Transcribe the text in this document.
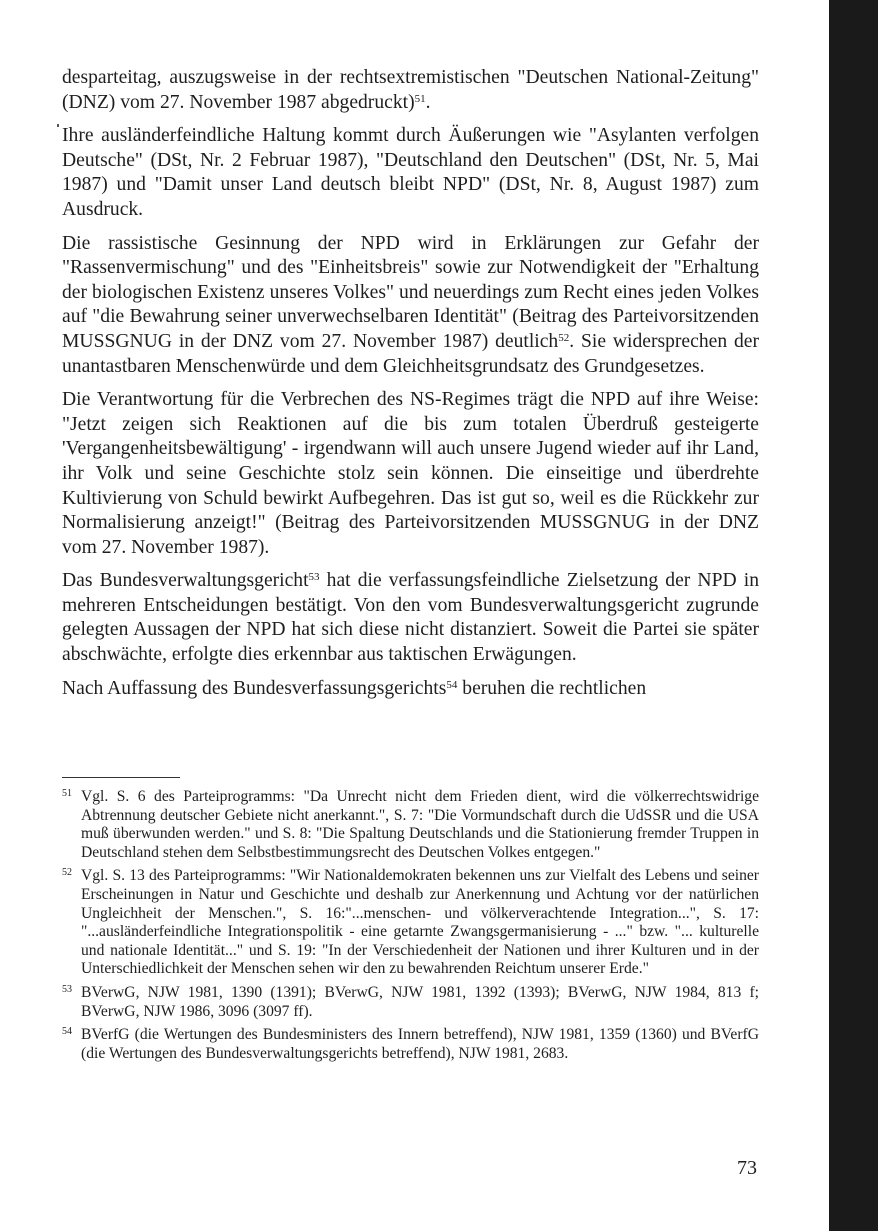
desparteitag, auszugsweise in der rechtsextremistischen "Deutschen National-Zeitung" (DNZ) vom 27. November 1987 abgedruckt)$^{51}$.

Ihre ausländerfeindliche Haltung kommt durch Äußerungen wie "Asylanten verfolgen Deutsche" (DSt, Nr. 2 Februar 1987), "Deutschland den Deutschen" (DSt, Nr. 5, Mai 1987) und "Damit unser Land deutsch bleibt NPD" (DSt, Nr. 8, August 1987) zum Ausdruck.

Die rassistische Gesinnung der NPD wird in Erklärungen zur Gefahr der "Rassenvermischung" und des "Einheitsbreis" sowie zur Notwendigkeit der "Erhaltung der biologischen Existenz unseres Volkes" und neuerdings zum Recht eines jeden Volkes auf "die Bewahrung seiner unverwechselbaren Identität" (Beitrag des Parteivorsitzenden MUSSGNUG in der DNZ vom 27. November 1987) deutlich$^{52}$. Sie widersprechen der unantastbaren Menschenwürde und dem Gleichheitsgrundsatz des Grundgesetzes.

Die Verantwortung für die Verbrechen des NS-Regimes trägt die NPD auf ihre Weise: "Jetzt zeigen sich Reaktionen auf die bis zum totalen Überdruß gesteigerte 'Vergangenheitsbewältigung' - irgendwann will auch unsere Jugend wieder auf ihr Land, ihr Volk und seine Geschichte stolz sein können. Die einseitige und überdrehte Kultivierung von Schuld bewirkt Aufbegehren. Das ist gut so, weil es die Rückkehr zur Normalisierung anzeigt!" (Beitrag des Parteivorsitzenden MUSSGNUG in der DNZ vom 27. November 1987).

Das Bundesverwaltungsgericht$^{53}$ hat die verfassungsfeindliche Zielsetzung der NPD in mehreren Entscheidungen bestätigt. Von den vom Bundesverwaltungsgericht zugrunde gelegten Aussagen der NPD hat sich diese nicht distanziert. Soweit die Partei sie später abschwächte, erfolgte dies erkennbar aus taktischen Erwägungen.

Nach Auffassung des Bundesverfassungsgerichts$^{54}$ beruhen die rechtlichen

51 Vgl. S. 6 des Parteiprogramms: "Da Unrecht nicht dem Frieden dient, wird die völkerrechtswidrige Abtrennung deutscher Gebiete nicht anerkannt.", S. 7: "Die Vormundschaft durch die UdSSR und die USA muß überwunden werden." und S. 8: "Die Spaltung Deutschlands und die Stationierung fremder Truppen in Deutschland stehen dem Selbstbestimmungsrecht des Deutschen Volkes entgegen."
52 Vgl. S. 13 des Parteiprogramms: "Wir Nationaldemokraten bekennen uns zur Vielfalt des Lebens und seiner Erscheinungen in Natur und Geschichte und deshalb zur Anerkennung und Achtung vor der natürlichen Ungleichheit der Menschen.", S. 16:"...menschen- und völkerverachtende Integration...", S. 17: "...ausländerfeindliche Integrationspolitik - eine getarnte Zwangsgermanisierung - ..." bzw. "... kulturelle und nationale Identität..." und S. 19: "In der Verschiedenheit der Nationen und ihrer Kulturen und in der Unterschiedlichkeit der Menschen sehen wir den zu bewahrenden Reichtum unserer Erde."
53 BVerwG, NJW 1981, 1390 (1391); BVerwG, NJW 1981, 1392 (1393); BVerwG, NJW 1984, 813 f; BVerwG, NJW 1986, 3096 (3097 ff).
54 BVerfG (die Wertungen des Bundesministers des Innern betreffend), NJW 1981, 1359 (1360) und BVerfG (die Wertungen des Bundesverwaltungsgerichts betreffend), NJW 1981, 2683.
73
